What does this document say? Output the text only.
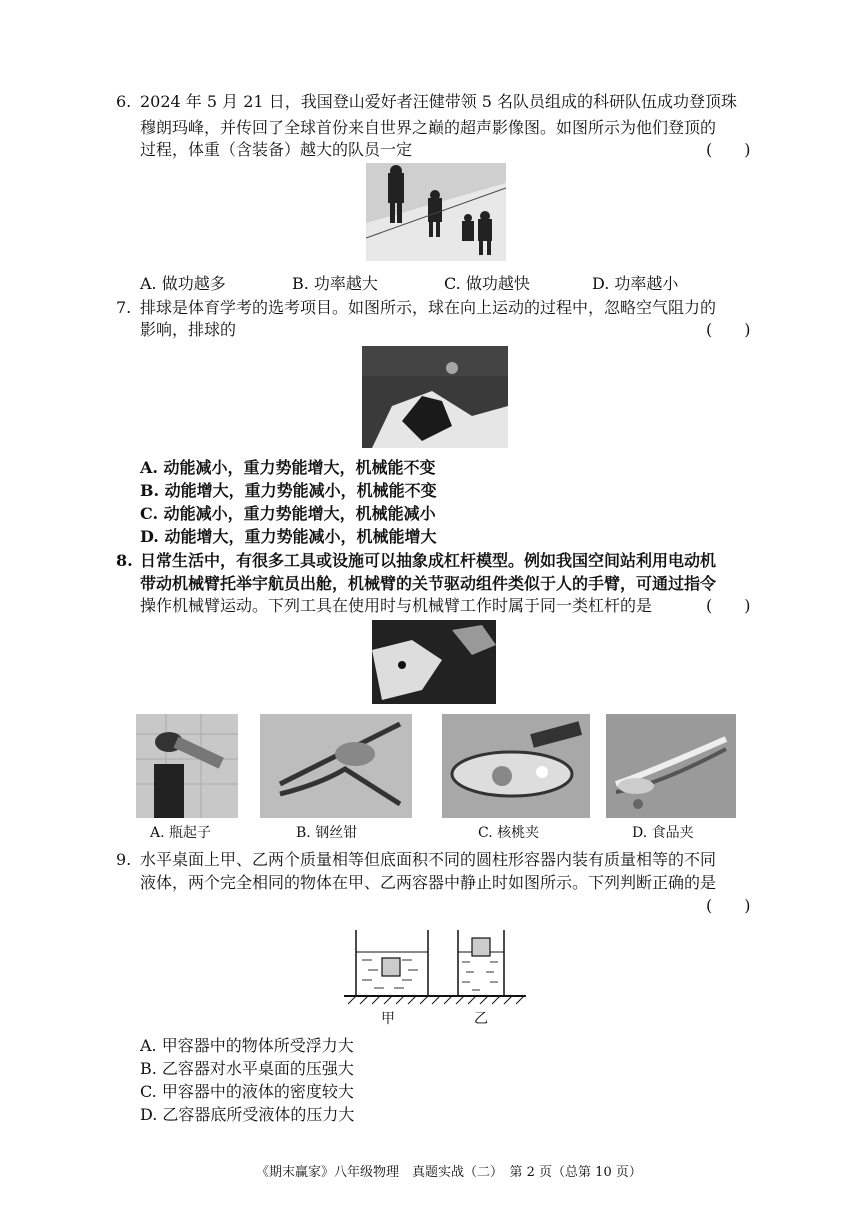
6. 2024 年 5 月 21 日，我国登山爱好者汪健带领 5 名队员组成的科研队伍成功登顶珠
穆朗玛峰，并传回了全球首份来自世界之巅的超声影像图。如图所示为他们登顶的
过程，体重（含装备）越大的队员一定	(　　)
A. 做功越多	B. 功率越大	C. 做功越快	D. 功率越小
7. 排球是体育学考的选考项目。如图所示，球在向上运动的过程中，忽略空气阻力的
影响，排球的	(　　)
A. 动能减小，重力势能增大，机械能不变
B. 动能增大，重力势能减小，机械能不变
C. 动能减小，重力势能增大，机械能减小
D. 动能增大，重力势能减小，机械能增大
8. 日常生活中，有很多工具或设施可以抽象成杠杆模型。例如我国空间站利用电动机
带动机械臂托举宇航员出舱，机械臂的关节驱动组件类似于人的手臂，可通过指令
操作机械臂运动。下列工具在使用时与机械臂工作时属于同一类杠杆的是	(　　)
A. 瓶起子	B. 钢丝钳	C. 核桃夹	D. 食品夹
9. 水平桌面上甲、乙两个质量相等但底面积不同的圆柱形容器内装有质量相等的不同
液体，两个完全相同的物体在甲、乙两容器中静止时如图所示。下列判断正确的是
(　　)
甲	乙
A. 甲容器中的物体所受浮力大
B. 乙容器对水平桌面的压强大
C. 甲容器中的液体的密度较大
D. 乙容器底所受液体的压力大
《期末赢家》八年级物理　真题实战（二）　第 2 页（总第 10 页）
